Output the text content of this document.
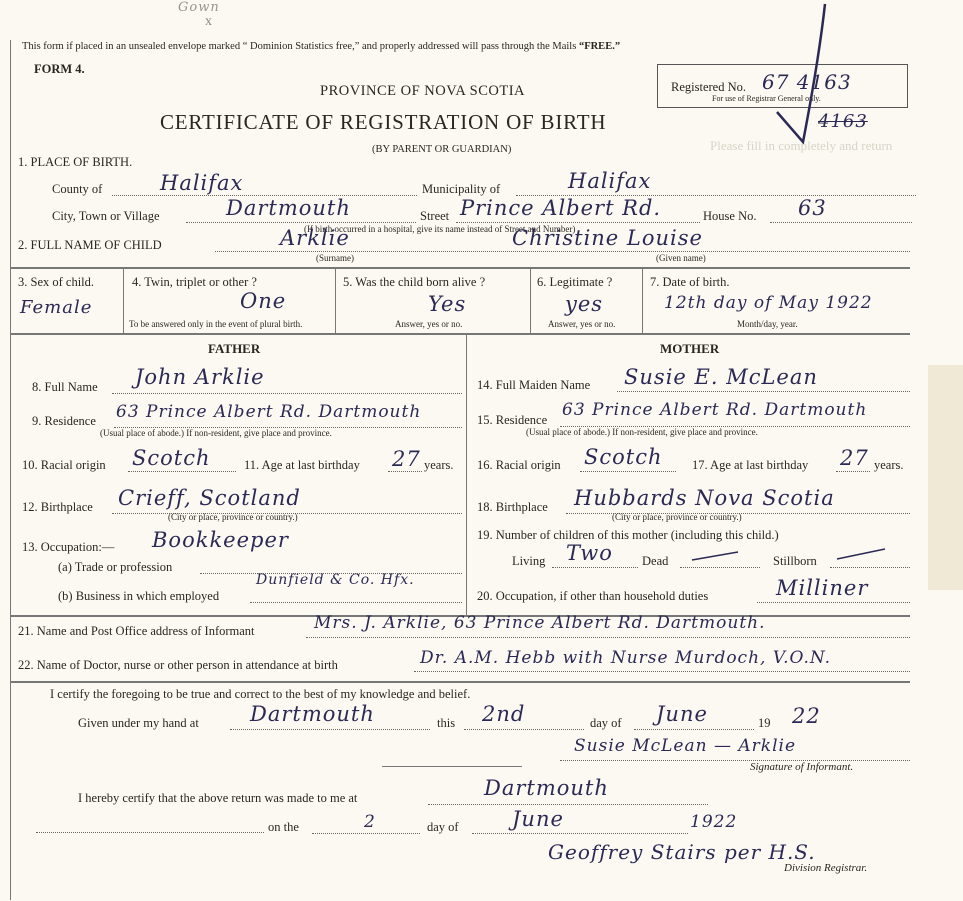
Gown
x
This form if placed in an unsealed envelope marked “ Dominion Statistics free,” and properly addressed will pass through the Mails “FREE.”
FORM 4.
PROVINCE OF NOVA SCOTIA
CERTIFICATE OF REGISTRATION OF BIRTH
(BY PARENT OR GUARDIAN)
Registered No. 67 4163
For use of Registrar General only.
4163
Please fill in completely and return
1. PLACE OF BIRTH.
County of	Halifax	Municipality of	Halifax
City, Town or Village	Dartmouth	Street Prince Albert Rd.	House No. 63
(If birth occurred in a hospital, give its name instead of Street and Number)
2. FULL NAME OF CHILD	Arklie	Christine Louise
(Surname)	(Given name)
3. Sex of child.
Female
4. Twin, triplet or other ?
One
To be answered only in the event of plural birth.
5. Was the child born alive ?
Yes
Answer, yes or no.
6. Legitimate ?
yes
Answer, yes or no.
7. Date of birth.
12th day of May 1922
Month/day, year.
FATHER	MOTHER
8. Full Name John Arklie
9. Residence 63 Prince Albert Rd. Dartmouth
(Usual place of abode.) If non-resident, give place and province.
10. Racial origin Scotch	11. Age at last birthday 27 years.
12. Birthplace Crieff, Scotland
(City or place, province or country.)
13. Occupation:— Bookkeeper
(a) Trade or profession
(b) Business in which employed
Dunfield & Co. Hfx.
14. Full Maiden Name Susie E. McLean
15. Residence 63 Prince Albert Rd. Dartmouth
(Usual place of abode.) If non-resident, give place and province.
16. Racial origin Scotch 17. Age at last birthday 27 years.
18. Birthplace Hubbards Nova Scotia
(City or place, province or country.)
19. Number of children of this mother (including this child.)
Living Two Dead	Stillborn
20. Occupation, if other than household duties	Milliner
21. Name and Post Office address of Informant	Mrs. J. Arklie, 63 Prince Albert Rd. Dartmouth.
22. Name of Doctor, nurse or other person in attendance at birth	Dr. A.M. Hebb with Nurse Murdoch, V.O.N.
I certify the foregoing to be true and correct to the best of my knowledge and belief.
Given under my hand at Dartmouth	this 2nd	day of June	19 22
Susie McLean — Arklie
Signature of Informant.
I hereby certify that the above return was made to me at	Dartmouth
on the	2	day of	June	1922
Geoffrey Stairs per H.S.
Division Registrar.
